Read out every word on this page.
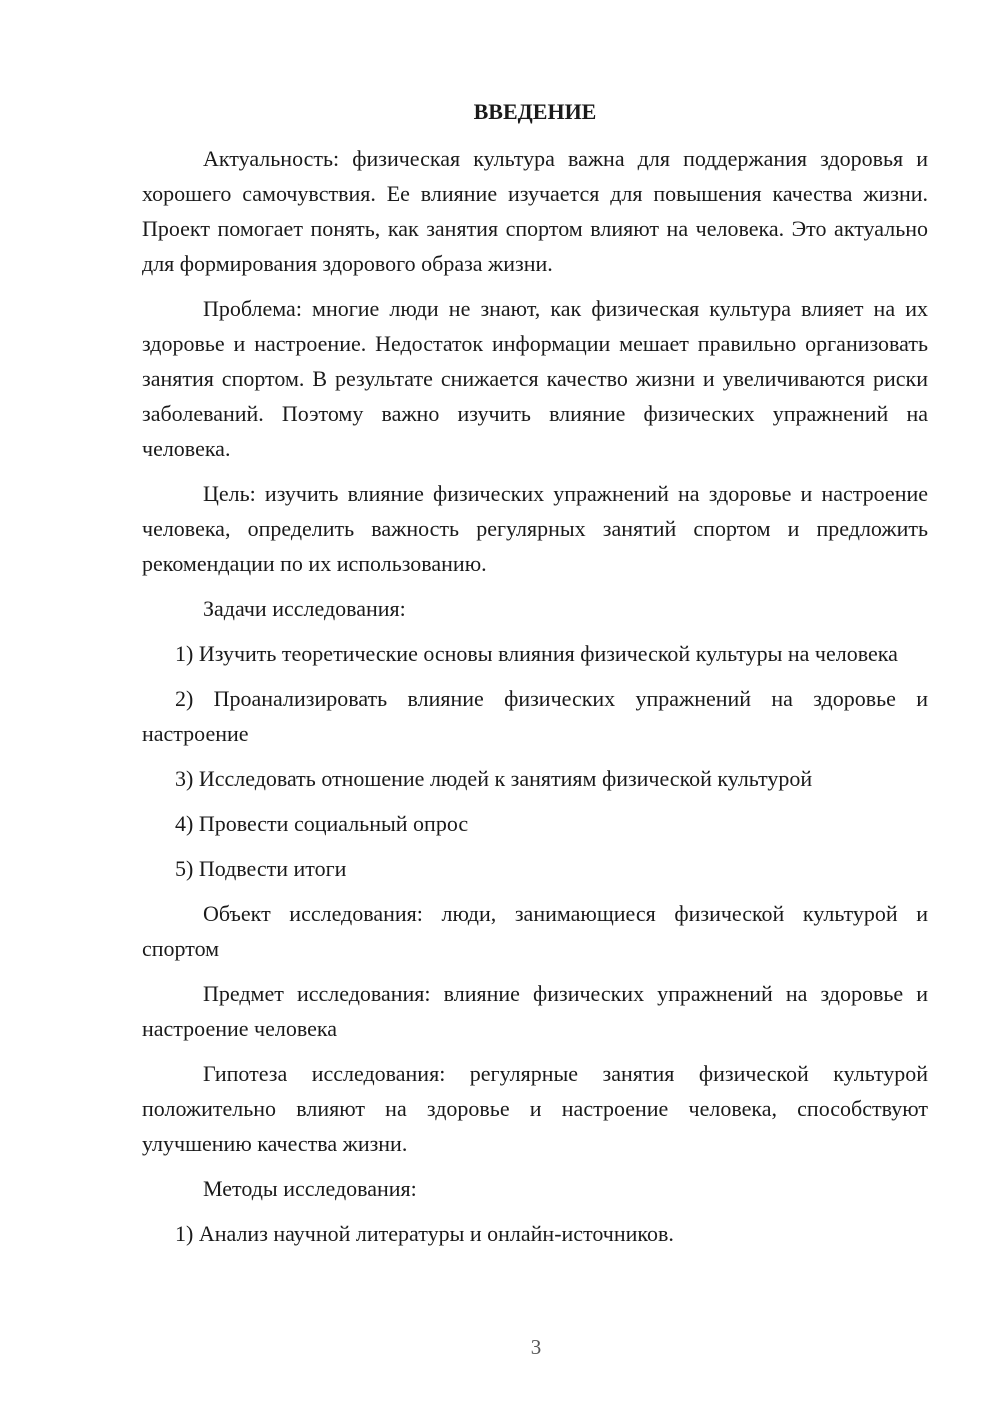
ВВЕДЕНИЕ

Актуальность: физическая культура важна для поддержания здоровья и хорошего самочувствия. Ее влияние изучается для повышения качества жизни. Проект помогает понять, как занятия спортом влияют на человека. Это актуально для формирования здорового образа жизни.

Проблема: многие люди не знают, как физическая культура влияет на их здоровье и настроение. Недостаток информации мешает правильно организовать занятия спортом. В результате снижается качество жизни и увеличиваются риски заболеваний. Поэтому важно изучить влияние физических упражнений на человека.

Цель: изучить влияние физических упражнений на здоровье и настроение человека, определить важность регулярных занятий спортом и предложить рекомендации по их использованию.

Задачи исследования:

1) Изучить теоретические основы влияния физической культуры на человека

2) Проанализировать влияние физических упражнений на здоровье и настроение

3) Исследовать отношение людей к занятиям физической культурой

4) Провести социальный опрос

5) Подвести итоги

Объект исследования: люди, занимающиеся физической культурой и спортом

Предмет исследования: влияние физических упражнений на здоровье и настроение человека

Гипотеза исследования: регулярные занятия физической культурой положительно влияют на здоровье и настроение человека, способствуют улучшению качества жизни.

Методы исследования:

1) Анализ научной литературы и онлайн-источников.

3
